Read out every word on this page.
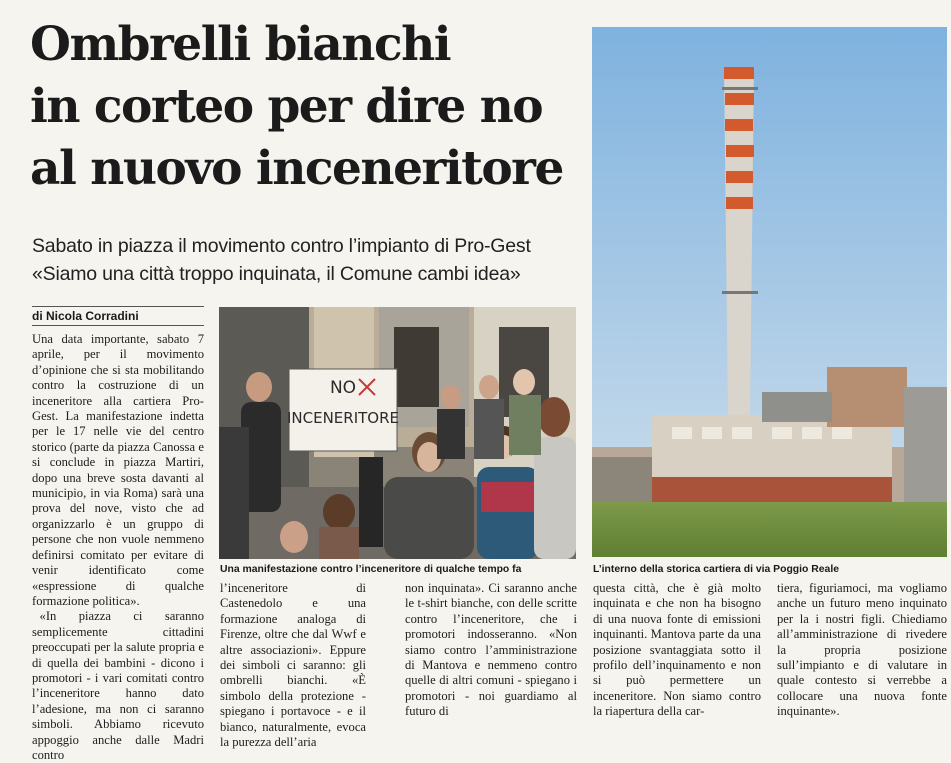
Ombrelli bianchi
in corteo per dire no
al nuovo inceneritore
Sabato in piazza il movimento contro l’impianto di Pro-Gest
«Siamo una città troppo inquinata, il Comune cambi idea»
di Nicola Corradini

Una data importante, sabato 7 aprile, per il movimento d’opinione che si sta mobilitando contro la costruzione di un inceneritore alla cartiera Pro-Gest. La manifestazione indetta per le 17 nelle vie del centro storico (parte da piazza Canossa e si conclude in piazza Martiri, dopo una breve sosta davanti al municipio, in via Roma) sarà una prova del nove, visto che ad organizzarlo è un gruppo di persone che non vuole nemmeno definirsi comitato per evitare di venir identificato come «espressione di qualche formazione politica».

«In piazza ci saranno semplicemente cittadini preoccupati per la salute propria e di quella dei bambini - dicono i promotori - i vari comitati contro l’inceneritore hanno dato l’adesione, ma non ci saranno simboli. Abbiamo ricevuto appoggio anche dalle Madri contro

NO
INCENERITORE
Una manifestazione contro l’inceneritore di qualche tempo fa	L’interno della storica cartiera di via Poggio Reale

l’inceneritore di Castenedolo e una formazione analoga di Firenze, oltre che dal Wwf e altre associazioni». Eppure dei simboli ci saranno: gli ombrelli bianchi. «È simbolo della protezione - spiegano i portavoce - e il bianco, naturalmente, evoca la purezza dell’aria

non inquinata». Ci saranno anche le t-shirt bianche, con delle scritte contro l’inceneritore, che i promotori indosseranno. «Non siamo contro l’amministrazione di Mantova e nemmeno contro quelle di altri comuni - spiegano i promotori - noi guardiamo al futuro di

questa città, che è già molto inquinata e che non ha bisogno di una nuova fonte di emissioni inquinanti. Mantova parte da una posizione svantaggiata sotto il profilo dell’inquinamento e non si può permettere un inceneritore. Non siamo contro la riapertura della car-

tiera, figuriamoci, ma vogliamo anche un futuro meno inquinato per la i nostri figli. Chiediamo all’amministrazione di rivedere la propria posizione sull’impianto e di valutare in quale contesto si verrebbe a collocare una nuova fonte inquinante».
